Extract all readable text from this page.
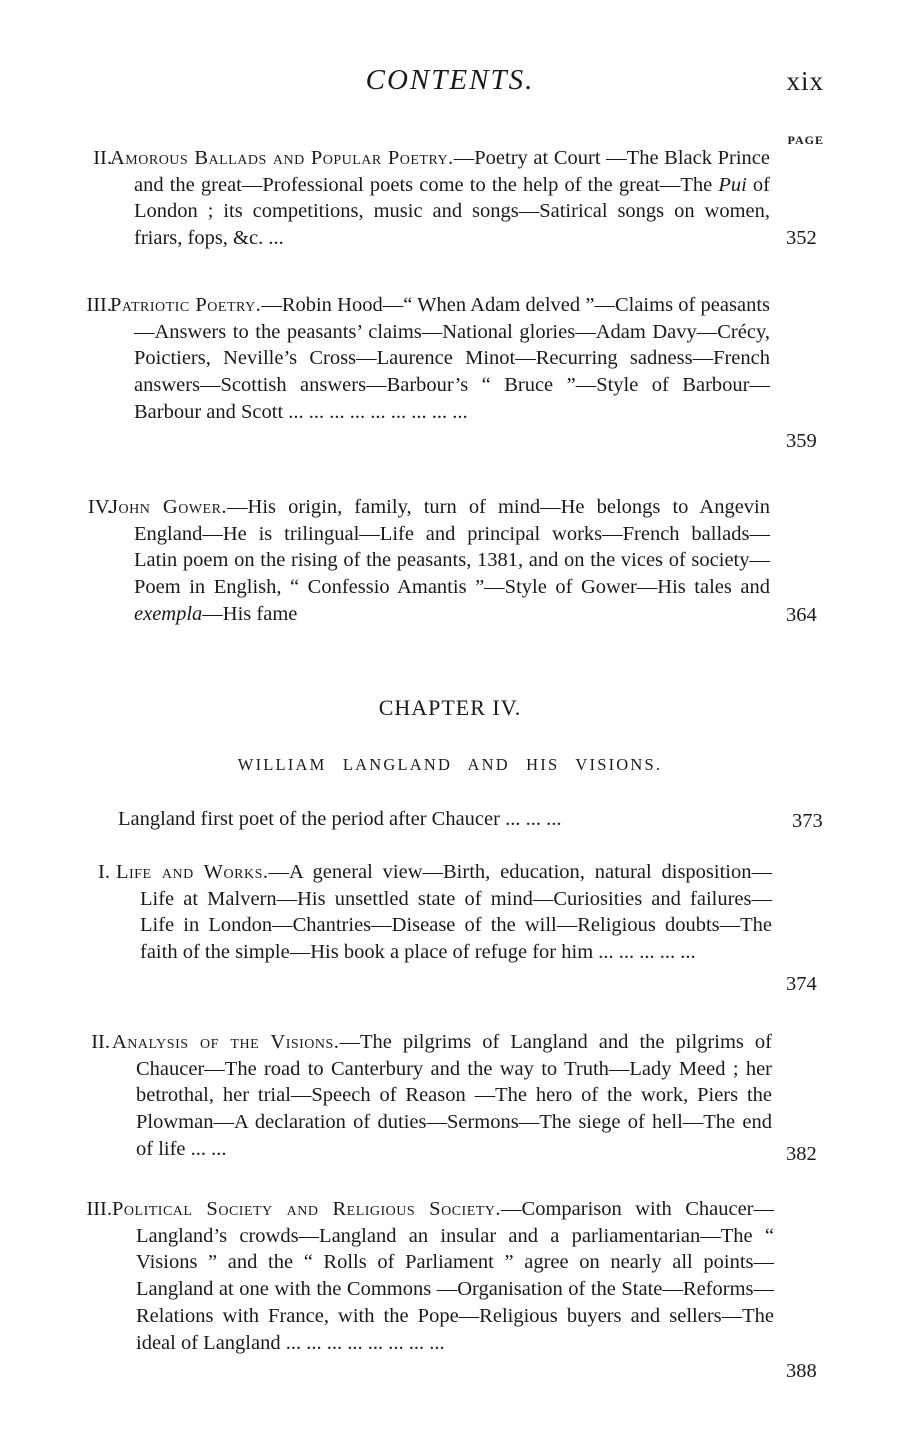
CONTENTS.	xix
PAGE
II.

Amorous Ballads and Popular Poetry.—Poetry at Court —The Black Prince and the great—Professional poets come to the help of the great—The Pui of London ; its competitions, music and songs—Satirical songs on women, friars, fops, &c. ...	352
III.

Patriotic Poetry.—Robin Hood—“ When Adam delved ”—Claims of peasants—Answers to the peasants’ claims—National glories—Adam Davy—Crécy, Poictiers, Neville’s Cross—Laurence Minot—Recurring sadness—French answers—Scottish answers—Barbour’s “ Bruce ”—Style of Barbour—Barbour and Scott ... ... ... ... ... ... ... ... ...

359
IV.

John Gower.—His origin, family, turn of mind—He belongs to Angevin England—He is trilingual—Life and principal works—French ballads—Latin poem on the rising of the peasants, 1381, and on the vices of society—Poem in English, “ Confessio Amantis ”—Style of Gower—His tales and exempla—His fame	364
CHAPTER IV.
WILLIAM LANGLAND AND HIS VISIONS.
Langland first poet of the period after Chaucer ... ... ...	373
I. Life and Works.—A general view—Birth, education, natural disposition—Life at Malvern—His unsettled state of mind—Curiosities and failures—Life in London—Chantries—Disease of the will—Religious doubts—The faith of the simple—His book a place of refuge for him ... ... ... ... ...

374
II. Analysis of the Visions.—The pilgrims of Langland and the pilgrims of Chaucer—The road to Canterbury and the way to Truth—Lady Meed ; her betrothal, her trial—Speech of Reason —The hero of the work, Piers the Plowman—A declaration of duties—Sermons—The siege of hell—The end of life ... ...	382
III. Political Society and Religious Society.—Comparison with Chaucer—Langland’s crowds—Langland an insular and a parliamentarian—The “ Visions ” and the “ Rolls of Parliament ” agree on nearly all points—Langland at one with the Commons —Organisation of the State—Reforms—Relations with France, with the Pope—Religious buyers and sellers—The ideal of Langland ... ... ... ... ... ... ... ...

388
